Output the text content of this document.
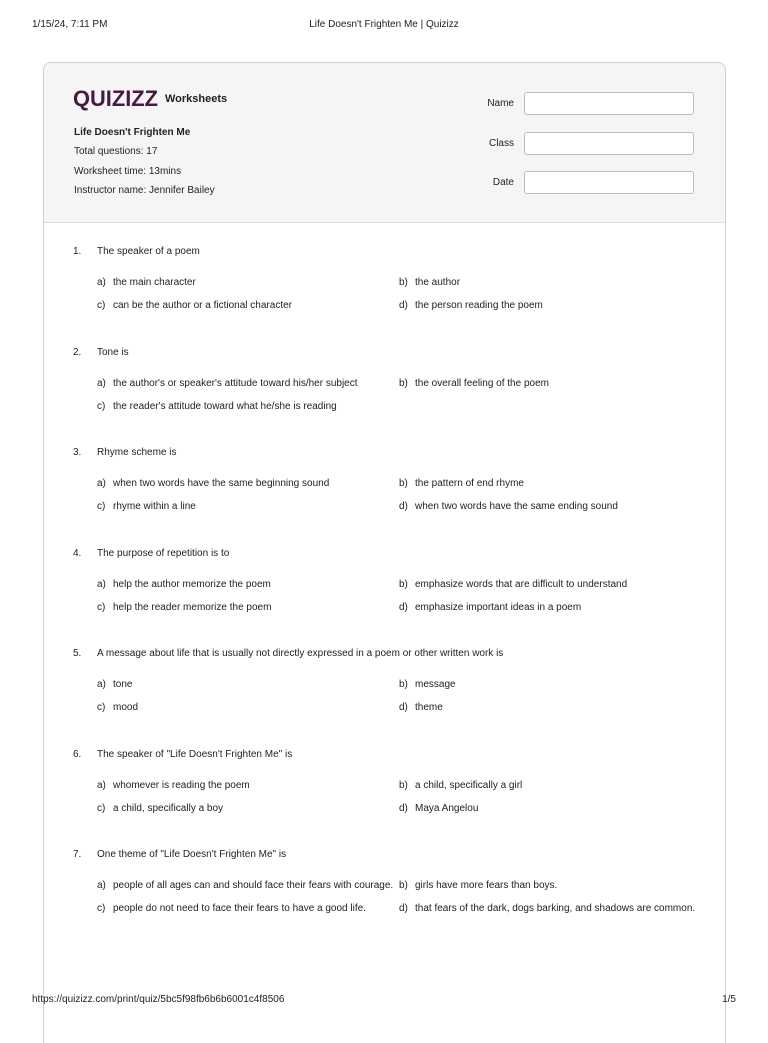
1/15/24, 7:11 PM	Life Doesn't Frighten Me | Quizizz
QUIZIZZ Worksheets
Life Doesn't Frighten Me
Total questions: 17
Worksheet time: 13mins
Instructor name: Jennifer Bailey
Name
Class
Date
1. The speaker of a poem
a) the main character	b) the author
c) can be the author or a fictional character	d) the person reading the poem
2. Tone is
a) the author's or speaker's attitude toward his/her subject	b) the overall feeling of the poem
c) the reader's attitude toward what he/she is reading
3. Rhyme scheme is
a) when two words have the same beginning sound	b) the pattern of end rhyme
c) rhyme within a line	d) when two words have the same ending sound
4. The purpose of repetition is to
a) help the author memorize the poem	b) emphasize words that are difficult to understand
c) help the reader memorize the poem	d) emphasize important ideas in a poem
5. A message about life that is usually not directly expressed in a poem or other written work is
a) tone	b) message
c) mood	d) theme
6. The speaker of "Life Doesn't Frighten Me" is
a) whomever is reading the poem	b) a child, specifically a girl
c) a child, specifically a boy	d) Maya Angelou
7. One theme of "Life Doesn't Frighten Me" is
a) people of all ages can and should face their fears with courage. b) girls have more fears than boys.
c) people do not need to face their fears to have a good life.	d) that fears of the dark, dogs barking, and shadows are common.
https://quizizz.com/print/quiz/5bc5f98fb6b6b6001c4f8506	1/5
